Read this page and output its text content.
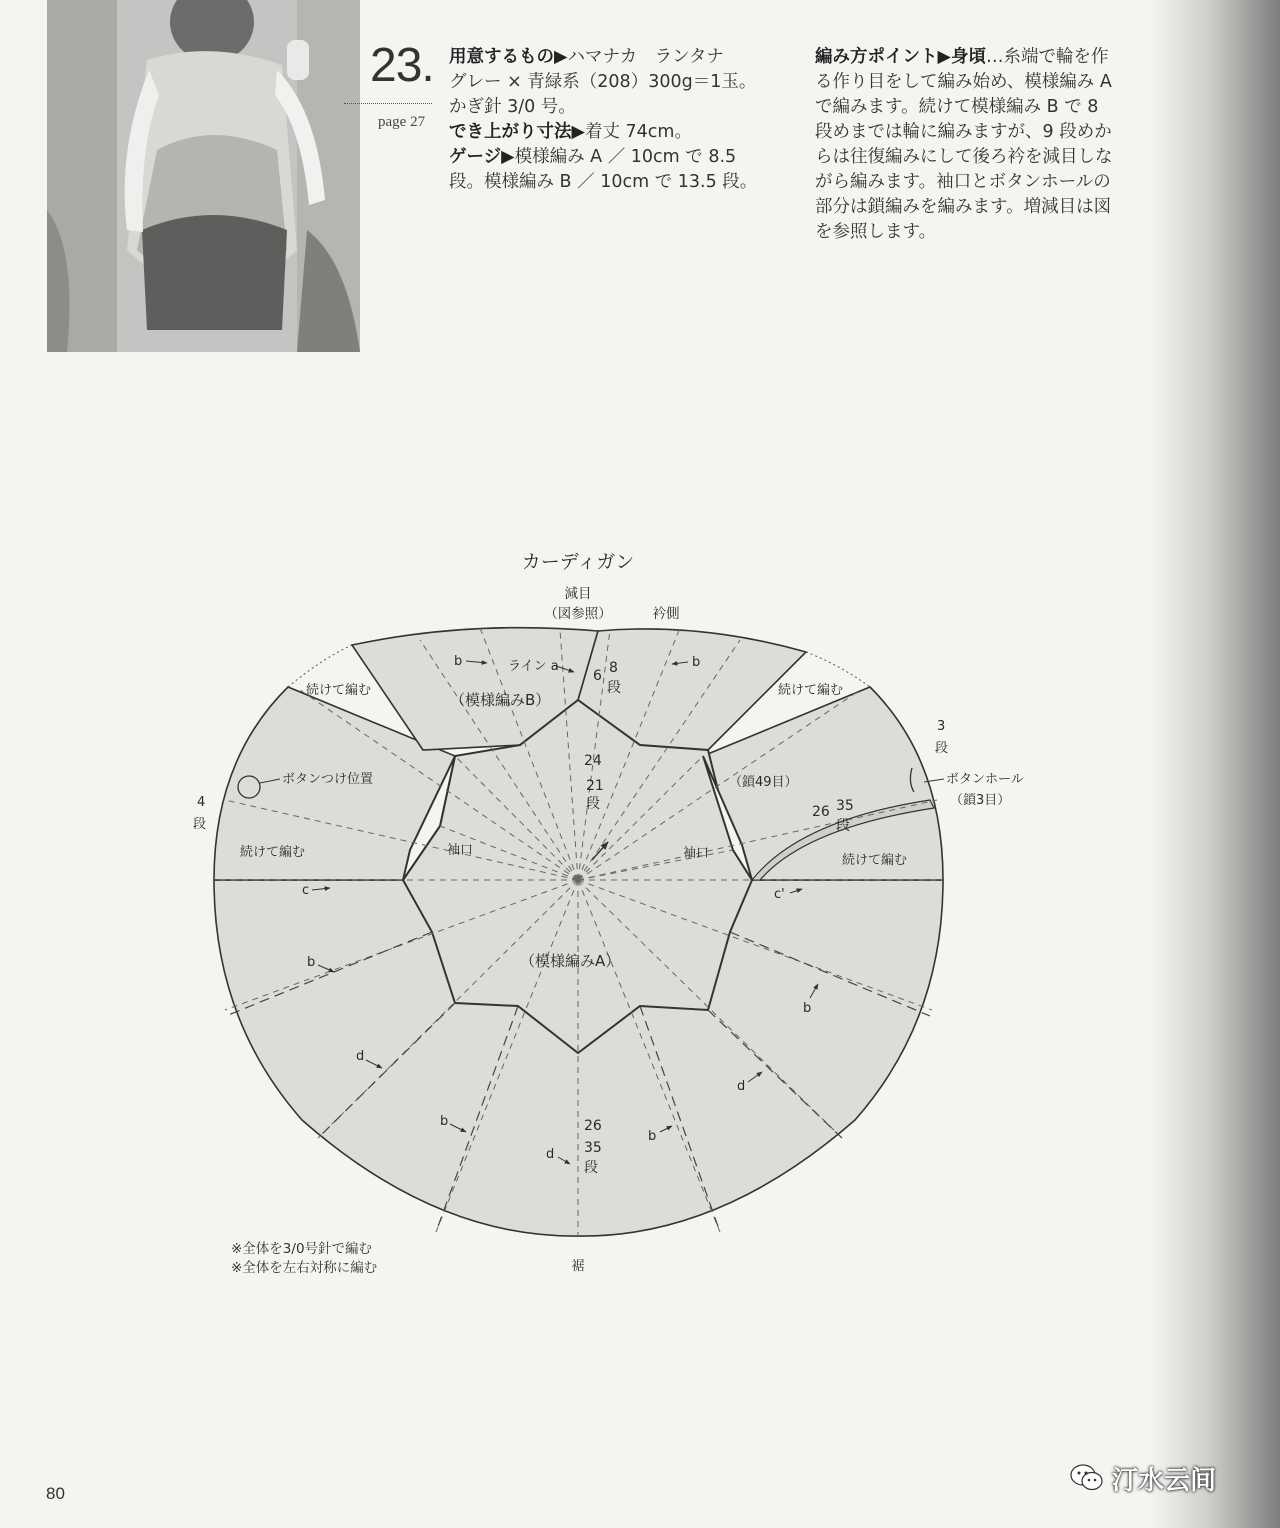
23.
page 27
用意するもの▶ハマナカ　ランタナ
グレー × 青緑系（208）300g＝1玉。
かぎ針 3/0 号。
でき上がり寸法▶着丈 74cm。
ゲージ▶模様編み A ／ 10cm で 8.5
段。模様編み B ／ 10cm で 13.5 段。
編み方ポイント▶身頃…糸端で輪を作
る作り目をして編み始め、模様編み A
で編みます。続けて模様編み B で 8
段めまでは輪に編みますが、9 段めか
らは往復編みにして後ろ衿を減目しな
がら編みます。袖口とボタンホールの
部分は鎖編みを編みます。増減目は図
を参照します。
カーディガン
減目
（図参照）	衿側
b	ライン a
6 8
段
b
（模様編みB）
続けて編む	続けて編む
24
21
段
ボタンつけ位置
4
段
続けて編む	袖口	袖口
（鎖49目）
3
段
ボタンホール
（鎖3目）
26 35
段
続けて編む
c	c'
（模様編みA）
b
b
d
d
b
b
d
26
35
段
裾
※全体を3/0号針で編む
※全体を左右対称に編む
80	汀水云间
